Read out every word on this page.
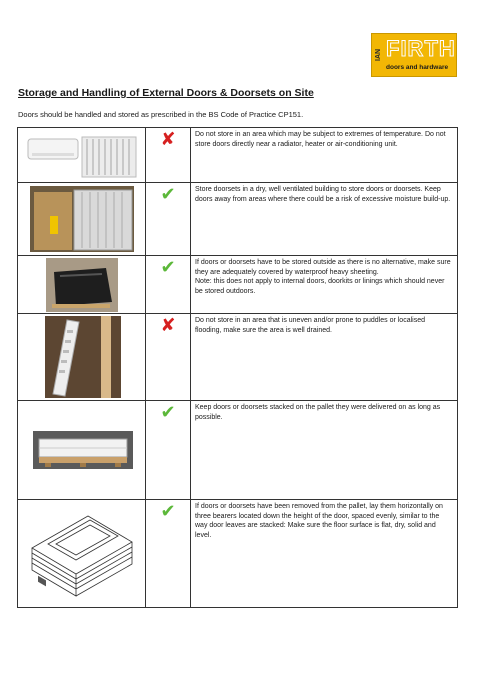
IAN FIRTH
doors and hardware
Storage and Handling of External Doors & Doorsets on Site
Doors should be handled and stored as prescribed in the BS Code of Practice CP151.
	✘	Do not store in an area which may be subject to extremes of temperature. Do not store doors directly near a radiator, heater or air-conditioning unit.

	✔	Store doorsets in a dry, well ventilated building to store doors or doorsets. Keep doors away from areas where there could be a risk of excessive moisture build-up.

	✔	If doors or doorsets have to be stored outside as there is no alternative, make sure they are adequately covered by waterproof heavy sheeting.
Note: this does not apply to internal doors, doorkits or linings which should never be stored outdoors.

	✘	Do not store in an area that is uneven and/or prone to puddles or localised flooding, make sure the area is well drained.

	✔	Keep doors or doorsets stacked on the pallet they were delivered on as long as possible.

	✔	If doors or doorsets have been removed from the pallet, lay them horizontally on three bearers located down the height of the door, spaced evenly, similar to the way door leaves are stacked: Make sure the floor surface is flat, dry, solid and level.
